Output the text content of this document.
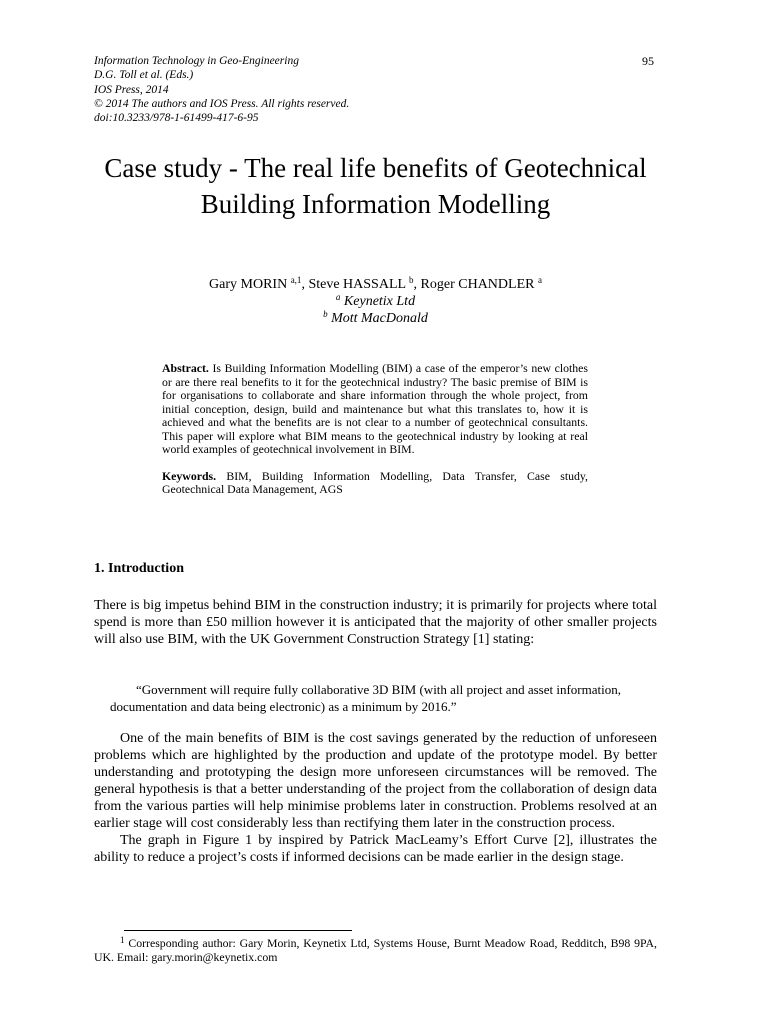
Information Technology in Geo-Engineering
D.G. Toll et al. (Eds.)
IOS Press, 2014
© 2014 The authors and IOS Press. All rights reserved.
doi:10.3233/978-1-61499-417-6-95
95
Case study - The real life benefits of Geotechnical Building Information Modelling
Gary MORIN $^{a,1}$, Steve HASSALL $^b$, Roger CHANDLER $^a$
$^a$ Keynetix Ltd
$^b$ Mott MacDonald

Abstract. Is Building Information Modelling (BIM) a case of the emperor’s new clothes or are there real benefits to it for the geotechnical industry? The basic premise of BIM is for organisations to collaborate and share information through the whole project, from initial conception, design, build and maintenance but what this translates to, how it is achieved and what the benefits are is not clear to a number of geotechnical consultants. This paper will explore what BIM means to the geotechnical industry by looking at real world examples of geotechnical involvement in BIM.

Keywords. BIM, Building Information Modelling, Data Transfer, Case study, Geotechnical Data Management, AGS

1. Introduction
There is big impetus behind BIM in the construction industry; it is primarily for projects where total spend is more than £50 million however it is anticipated that the majority of other smaller projects will also use BIM, with the UK Government Construction Strategy [1] stating:
“Government will require fully collaborative 3D BIM (with all project and asset information, documentation and data being electronic) as a minimum by 2016.”

One of the main benefits of BIM is the cost savings generated by the reduction of unforeseen problems which are highlighted by the production and update of the prototype model. By better understanding and prototyping the design more unforeseen circumstances will be removed. The general hypothesis is that a better understanding of the project from the collaboration of design data from the various parties will help minimise problems later in construction. Problems resolved at an earlier stage will cost considerably less than rectifying them later in the construction process.

The graph in Figure 1 by inspired by Patrick MacLeamy’s Effort Curve [2], illustrates the ability to reduce a project’s costs if informed decisions can be made earlier in the design stage.

$^1$ Corresponding author: Gary Morin, Keynetix Ltd, Systems House, Burnt Meadow Road, Redditch, B98 9PA, UK. Email: gary.morin@keynetix.com
